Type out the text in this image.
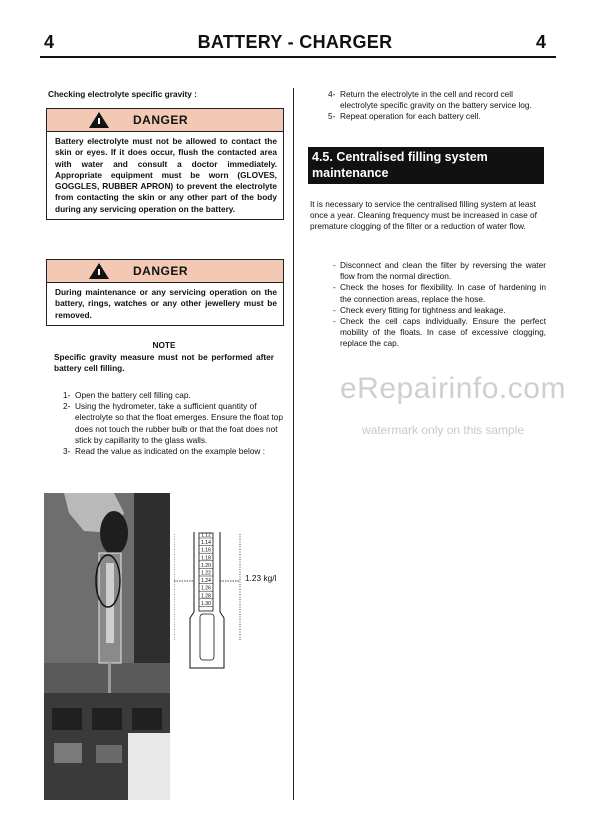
4	BATTERY - CHARGER	4
Checking electrolyte specific gravity :
DANGER
Battery electrolyte must not be allowed to contact the skin or eyes. If it does occur, flush the contacted area with water and consult a doctor immediately. Appropriate equipment must be worn (GLOVES, GOGGLES, RUBBER APRON) to prevent the electrolyte from contacting the skin or any other part of the body during any servicing operation on the battery.
DANGER
During maintenance or any servicing operation on the battery, rings, watches or any other jewellery must be removed.
NOTE
Specific gravity measure must not be performed after battery cell filling.
1- Open the battery cell filling cap.
2- Using the hydrometer, take a sufficient quantity of electrolyte so that the float emerges. Ensure the float top does not touch the rubber bulb or that the foat does not stick by capillarity to the glass walls.
3- Read the value as indicated on the example below :
1.12
1.14
1.16
1.18
1.20
1.22
1.24
1.26
1.28
1.30
1.23 kg/l
4- Return the electrolyte in the cell and record cell electrolyte specific gravity on the battery service log.
5- Repeat operation for each battery cell.
4.5. Centralised filling system maintenance
It is necessary to service the centralised filling system at least once a year. Cleaning frequency must be increased in case of premature clogging of the filter or a reduction of water flow.
- Disconnect and clean the filter by reversing the water flow from the normal direction.
- Check the hoses for flexibility. In case of hardening in the connection areas, replace the hose.
- Check every fitting for tightness and leakage.
- Check the cell caps individually. Ensure the perfect mobility of the floats. In case of excessive clogging, replace the cap.
eRepairinfo.com
watermark only on this sample
